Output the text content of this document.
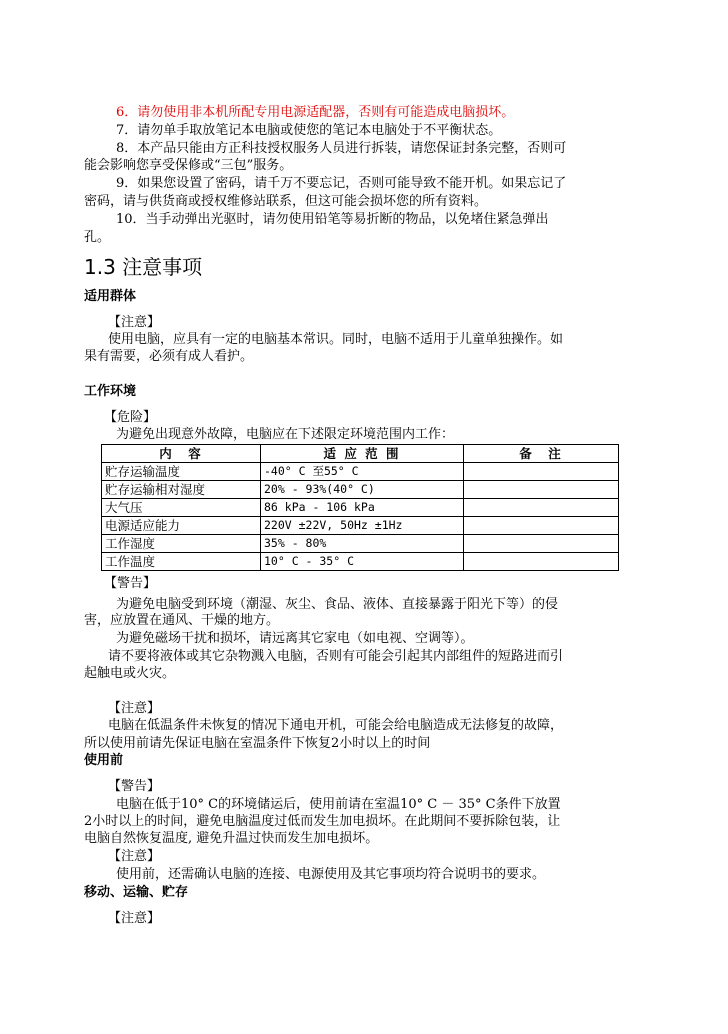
6．请勿使用非本机所配专用电源适配器，否则有可能造成电脑损坏。
7．请勿单手取放笔记本电脑或使您的笔记本电脑处于不平衡状态。
8．本产品只能由方正科技授权服务人员进行拆装，请您保证封条完整，否则可
能会影响您享受保修或“三包”服务。
9．如果您设置了密码，请千万不要忘记，否则可能导致不能开机。如果忘记了
密码，请与供货商或授权维修站联系，但这可能会损坏您的所有资料。
10．当手动弹出光驱时，请勿使用铅笔等易折断的物品，以免堵住紧急弹出
孔。
1.3 注意事项
适用群体
【注意】
使用电脑，应具有一定的电脑基本常识。同时，电脑不适用于儿童单独操作。如
果有需要，必须有成人看护。
工作环境
【危险】
为避免出现意外故障，电脑应在下述限定环境范围内工作：
内　容	适 应 范 围	备　注
贮存运输温度	-40° C 至55° C	
贮存运输相对湿度	20% - 93%(40° C)	
大气压	86 kPa - 106 kPa	
电源适应能力	220V ±22V, 50Hz ±1Hz	
工作湿度	35% - 80%	
工作温度	10° C - 35° C	
【警告】
为避免电脑受到环境（潮湿、灰尘、食品、液体、直接暴露于阳光下等）的侵
害，应放置在通风、干燥的地方。
为避免磁场干扰和损坏，请远离其它家电（如电视、空调等）。
请不要将液体或其它杂物溅入电脑，否则有可能会引起其内部组件的短路进而引
起触电或火灾。
【注意】
电脑在低温条件未恢复的情况下通电开机，可能会给电脑造成无法修复的故障，
所以使用前请先保证电脑在室温条件下恢复2小时以上的时间
使用前
【警告】
电脑在低于10° C的环境储运后，使用前请在室温10° C － 35° C条件下放置
2小时以上的时间，避免电脑温度过低而发生加电损坏。在此期间不要拆除包装，让
电脑自然恢复温度, 避免升温过快而发生加电损坏。
【注意】
使用前，还需确认电脑的连接、电源使用及其它事项均符合说明书的要求。
移动、运输、贮存
【注意】
